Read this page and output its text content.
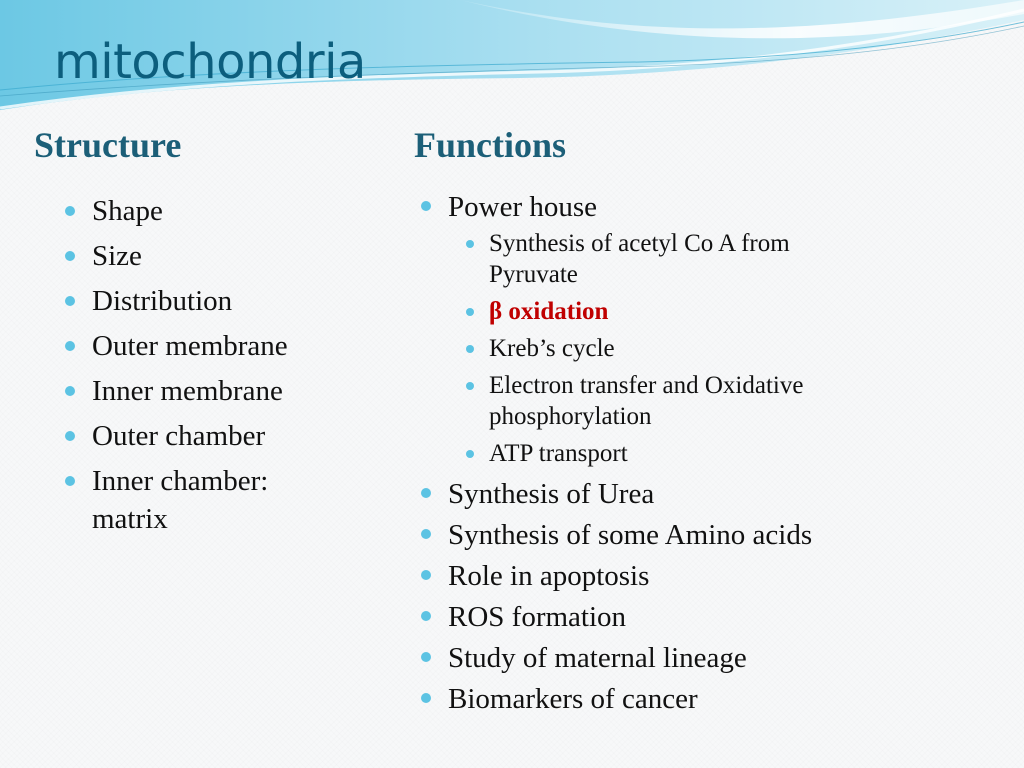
mitochondria
Structure	Functions
Shape
Size
Distribution
Outer membrane
Inner membrane
Outer chamber
Inner chamber: matrix
Power house
Synthesis of acetyl Co A from Pyruvate
β oxidation
Kreb’s cycle
Electron transfer and Oxidative phosphorylation
ATP transport
Synthesis of Urea
Synthesis of some Amino acids
Role in apoptosis
ROS formation
Study of maternal lineage
Biomarkers of cancer
